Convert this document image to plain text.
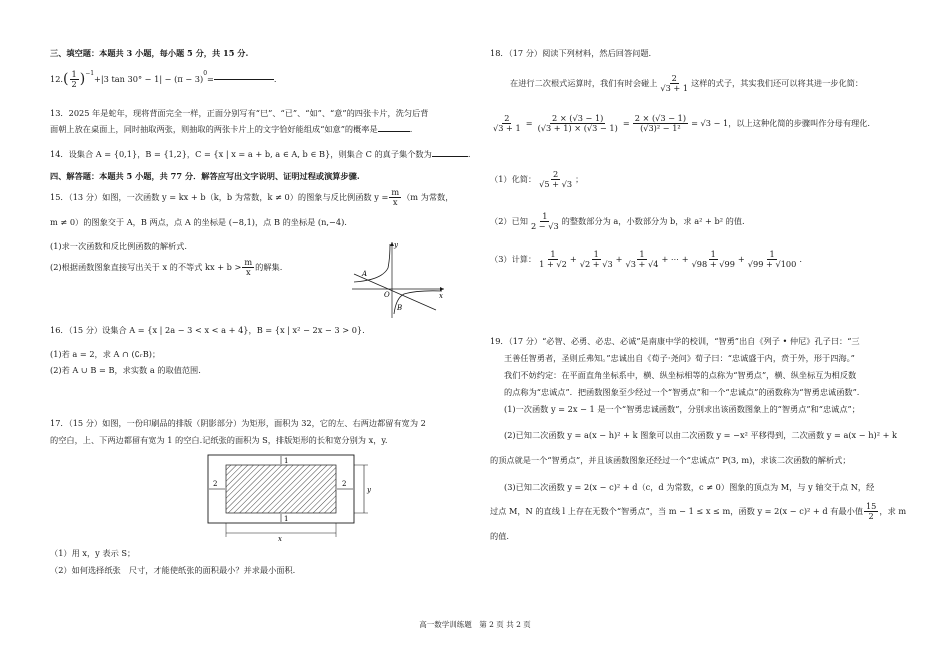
三、填空题：本题共 3 小题，每小题 5 分，共 15 分.
12. ( $\frac{1}{2} )^{-1}$
+ |3 tan 30° − 1| − (π − 3)
$^0$
=	.
13．2025 年是蛇年，现将背面完全一样，正面分别写有“巳”、“已”、“如”、“意”的四张卡片，洗匀后背
面朝上放在桌面上，同时抽取两张，则抽取的两张卡片上的文字恰好能组成“如意”的概率是	.
14．设集合 A = {0,1}，B = {1,2}，C = {x | x = a + b, a ∈ A, b ∈ B}，则集合 C 的真子集个数为	.
四、解答题：本题共 5 小题，共 77 分．解答应写出文字说明、证明过程或演算步骤.
15．（13 分）如图，一次函数 y = kx + b（k，b 为常数，k ≠ 0）的图象与反比例函数 $y = \frac{m}{x} (m$ 为常数，
m ≠ 0）的图象交于 A，B 两点，点 A 的坐标是 (−8,1)，点 B 的坐标是 (n,−4).
(1)求一次函数和反比例函数的解析式.
(2)根据函数图象直接写出关于 x 的不等式 kx + $b > \frac{m}{x}$ 的解集.
y
x
A
O
B
16．（15 分）设集合 A = {x | 2a − 3 < x < a + 4}，B = {x | x² − 2x − 3 > 0}.
(1)若 a = 2，求 A ∩ (∁ᵣB)；
(2)若 A ∪ B = B，求实数 a 的取值范围.
17．（15 分）如图，一份印刷品的排版（阴影部分）为矩形，面积为 32，它的左、右两边都留有宽为 2
的空白，上、下两边都留有宽为 1 的空白.记纸张的面积为 S，排版矩形的长和宽分别为 x，y.
1
1
2	2
y
x
（1）用 x，y 表示 S；
（2）如何选择纸张　尺寸，才能使纸张的面积最小？并求最小面积.
18．（17 分）阅读下列材料，然后回答问题.
在进行二次根式运算时，我们有时会碰上 $\frac{2}{√3 + 1}$ 这样的式子，其实我们还可以将其进一步化简：
$\frac{2}{√3 + 1} = \frac{2 \times (√3 - 1)}{(√3 + 1) \times (√3 - 1)} = \frac{2 \times (√3 - 1)}{\text{(√3)² − 1²}} = √3 - 1$，以上这种化简的步骤叫作分母有理化.
（1）化简： $\frac{2}{√5 + √3}$ ；
（2）已知 $\frac{1}{2 - √3}$ 的整数部分为 a，小数部分为 b，求 a² + b² 的值.
（3）计算： $\frac{1}{1 + √2} + \frac{1}{√2 + √3} + \frac{1}{√3 + √4}$ + ⋯ + $\frac{1}{√98 + √99} + \frac{1}{√99 + √100}$ .
19．（17 分）“必智、必勇、必忠、必诚”是南康中学的校训，“智勇”出自《列子 • 仲尼》孔子曰：“三
王善任智勇者，圣则丘弗知。”忠诚出自《荀子·尧问》荀子曰：“忠诚盛于内，贲于外，形于四海。”
我们不妨约定：在平面直角坐标系中，横、纵坐标相等的点称为“智勇点”，横、纵坐标互为相反数
的点称为“忠诚点”．把函数图象至少经过一个“智勇点”和一个“忠诚点”的函数称为“智勇忠诚函数”.
(1)一次函数 y = 2x − 1 是一个“智勇忠诚函数”，分别求出该函数图象上的“智勇点”和“忠诚点”；
(2)已知二次函数 y = a(x − h)² + k 图象可以由二次函数 y = −x² 平移得到，二次函数 y = a(x − h)² + k
的顶点就是一个“智勇点”，并且该函数图象还经过一个“忠诚点” P(3, m)，求该二次函数的解析式；
(3)已知二次函数 y = 2(x − c)² + d（c，d 为常数，c ≠ 0）图象的顶点为 M，与 y 轴交于点 N，经
过点 M，N 的直线 l 上存在无数个“智勇点”，当 m − 1 ≤ x ≤ m，函数 y = 2(x − c)² + d 有最小值 $\frac{15}{2}$ ，求 m
的值.
高一数学训练题　第 2 页 共 2 页
